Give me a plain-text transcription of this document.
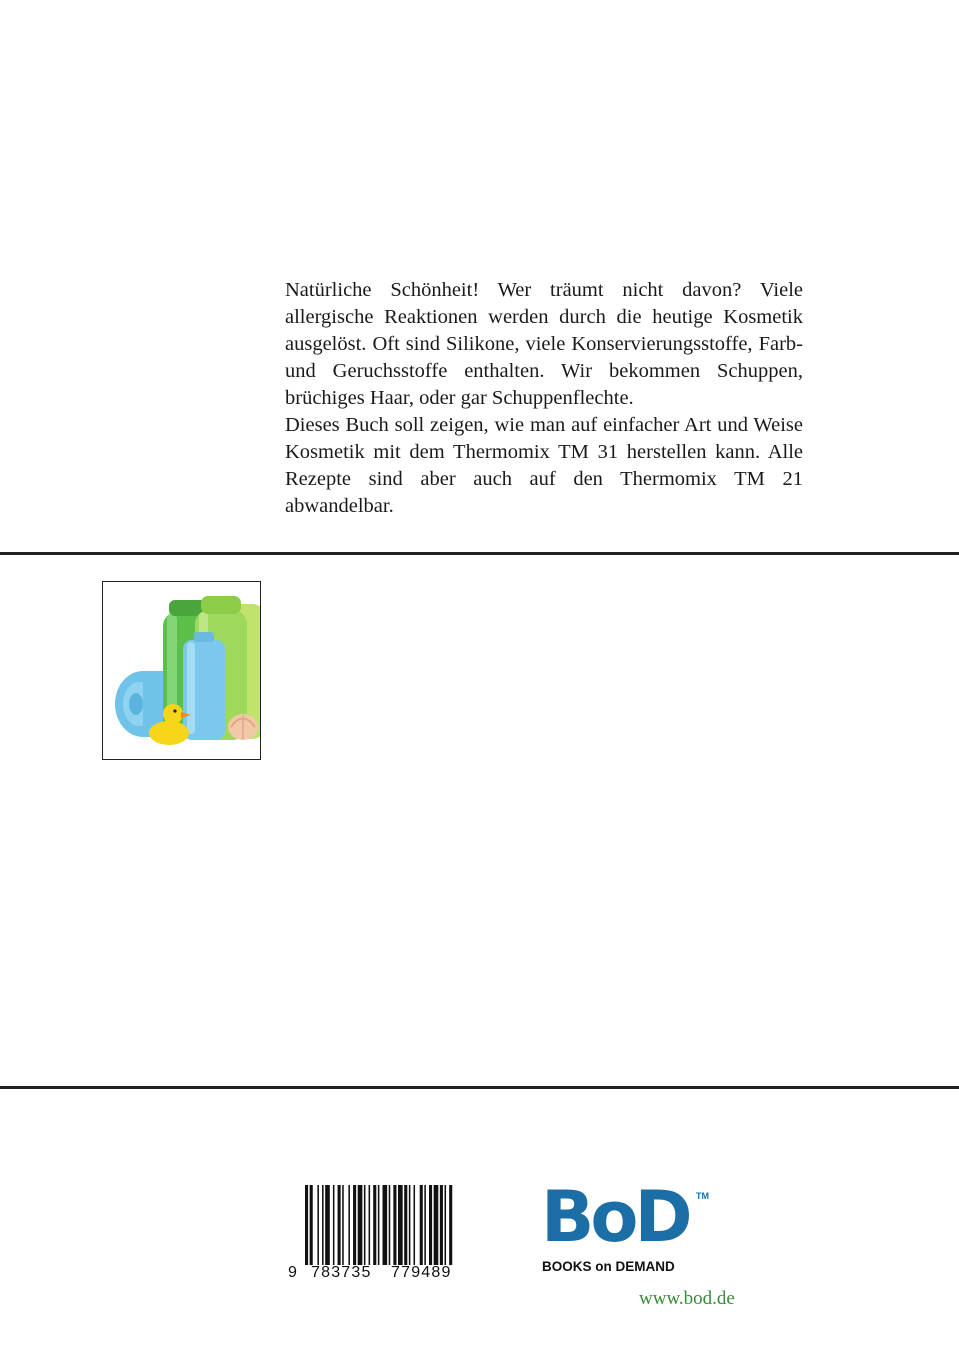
Natürliche Schönheit! Wer träumt nicht davon? Viele allergische Reaktionen werden durch die heutige Kosmetik ausgelöst. Oft sind Silikone, viele Konservierungsstoffe, Farb- und Geruchsstoffe enthalten. Wir bekommen Schuppen, brüchiges Haar, oder gar Schuppenflechte.

Dieses Buch soll zeigen, wie man auf einfacher Art und Weise Kosmetik mit dem Thermomix TM 31 herstellen kann. Alle Rezepte sind aber auch auf den Thermomix TM 21 abwandelbar.

9 783735 779489
BoD TM
BOOKS on DEMAND
www.bod.de
